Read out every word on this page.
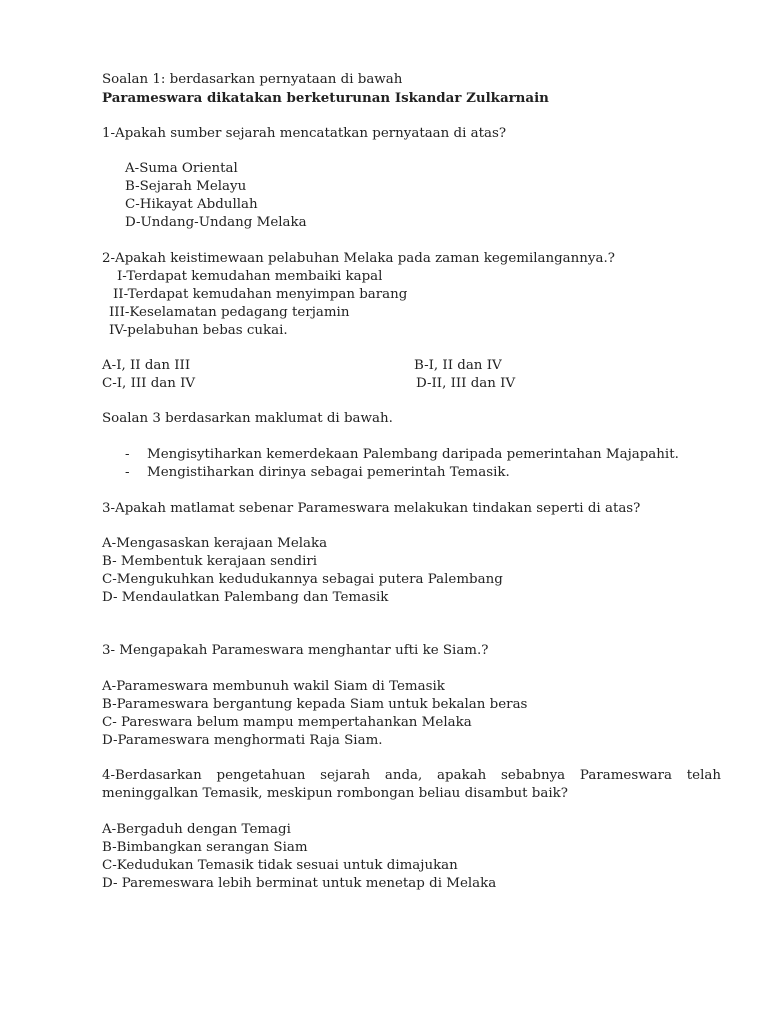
Soalan 1: berdasarkan pernyataan di bawah
Parameswara dikatakan berketurunan Iskandar Zulkarnain
1-Apakah sumber sejarah mencatatkan pernyataan di atas?
A-Suma Oriental
B-Sejarah Melayu
C-Hikayat Abdullah
D-Undang-Undang Melaka
2-Apakah keistimewaan pelabuhan Melaka pada zaman kegemilangannya.?
I-Terdapat kemudahan membaiki kapal
II-Terdapat kemudahan menyimpan barang
III-Keselamatan pedagang terjamin
IV-pelabuhan bebas cukai.
A-I, II dan III	B-I, II dan IV
C-I, III dan IV	D-II, III dan IV
Soalan 3 berdasarkan maklumat di bawah.
- Mengisytiharkan kemerdekaan Palembang daripada pemerintahan Majapahit.
- Mengistiharkan dirinya sebagai pemerintah Temasik.
3-Apakah matlamat sebenar Parameswara melakukan tindakan seperti di atas?
A-Mengasaskan kerajaan Melaka
B- Membentuk kerajaan sendiri
C-Mengukuhkan kedudukannya sebagai putera Palembang
D- Mendaulatkan Palembang dan Temasik
3- Mengapakah Parameswara menghantar ufti ke Siam.?
A-Parameswara membunuh wakil Siam di Temasik
B-Parameswara bergantung kepada Siam untuk bekalan beras
C- Pareswara belum mampu mempertahankan Melaka
D-Parameswara menghormati Raja Siam.
4-Berdasarkan pengetahuan sejarah anda, apakah sebabnya Parameswara telah meninggalkan Temasik, meskipun rombongan beliau disambut baik?
A-Bergaduh dengan Temagi
B-Bimbangkan serangan Siam
C-Kedudukan Temasik tidak sesuai untuk dimajukan
D- Paremeswara lebih berminat untuk menetap di Melaka
